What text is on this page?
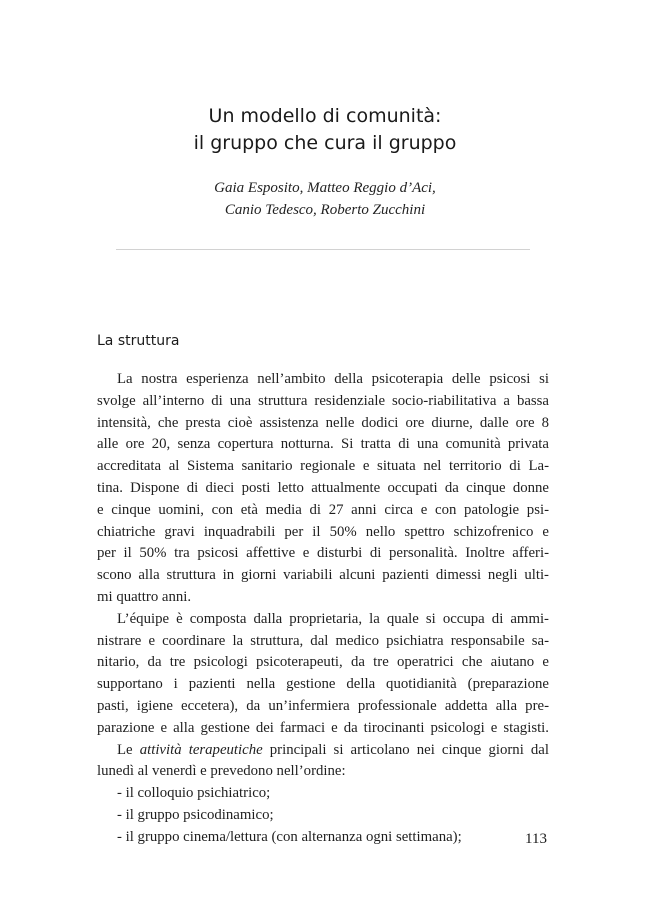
Un modello di comunità:
il gruppo che cura il gruppo
Gaia Esposito, Matteo Reggio d’Aci,
Canio Tedesco, Roberto Zucchini
La struttura
La nostra esperienza nell’ambito della psicoterapia delle psicosi si
svolge all’interno di una struttura residenziale socio-riabilitativa a bassa
intensità, che presta cioè assistenza nelle dodici ore diurne, dalle ore 8
alle ore 20, senza copertura notturna. Si tratta di una comunità privata
accreditata al Sistema sanitario regionale e situata nel territorio di La-
tina. Dispone di dieci posti letto attualmente occupati da cinque donne
e cinque uomini, con età media di 27 anni circa e con patologie psi-
chiatriche gravi inquadrabili per il 50% nello spettro schizofrenico e
per il 50% tra psicosi affettive e disturbi di personalità. Inoltre afferi-
scono alla struttura in giorni variabili alcuni pazienti dimessi negli ulti-
mi quattro anni.
L’équipe è composta dalla proprietaria, la quale si occupa di ammi-
nistrare e coordinare la struttura, dal medico psichiatra responsabile sa-
nitario, da tre psicologi psicoterapeuti, da tre operatrici che aiutano e
supportano i pazienti nella gestione della quotidianità (preparazione
pasti, igiene eccetera), da un’infermiera professionale addetta alla pre-
parazione e alla gestione dei farmaci e da tirocinanti psicologi e stagisti.
Le attività terapeutiche principali si articolano nei cinque giorni dal
lunedì al venerdì e prevedono nell’ordine:
- il colloquio psichiatrico;
- il gruppo psicodinamico;
- il gruppo cinema/lettura (con alternanza ogni settimana);	113
